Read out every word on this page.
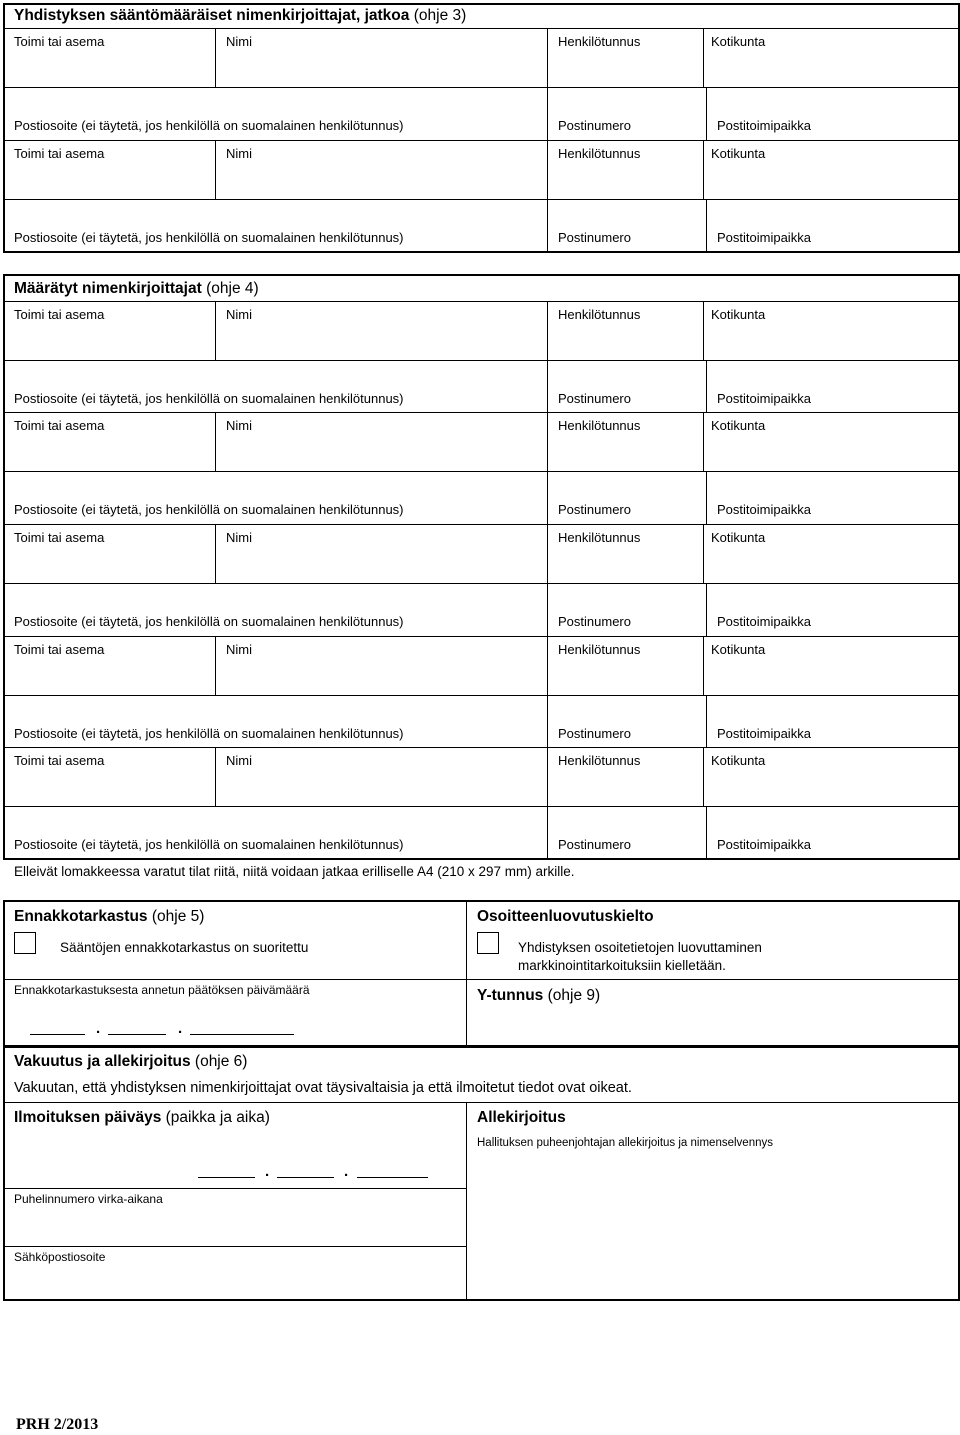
Yhdistyksen sääntömääräiset nimenkirjoittajat, jatkoa (ohje 3)
Toimi tai asema	Nimi	Henkilötunnus	Kotikunta
Postiosoite (ei täytetä, jos henkilöllä on suomalainen henkilötunnus)	Postinumero	Postitoimipaikka
Toimi tai asema	Nimi	Henkilötunnus	Kotikunta
Postiosoite (ei täytetä, jos henkilöllä on suomalainen henkilötunnus)	Postinumero	Postitoimipaikka
Määrätyt nimenkirjoittajat (ohje 4)
Toimi tai asema	Nimi	Henkilötunnus	Kotikunta
Postiosoite (ei täytetä, jos henkilöllä on suomalainen henkilötunnus)	Postinumero	Postitoimipaikka
Toimi tai asema	Nimi	Henkilötunnus	Kotikunta
Postiosoite (ei täytetä, jos henkilöllä on suomalainen henkilötunnus)	Postinumero	Postitoimipaikka
Toimi tai asema	Nimi	Henkilötunnus	Kotikunta
Postiosoite (ei täytetä, jos henkilöllä on suomalainen henkilötunnus)	Postinumero	Postitoimipaikka
Toimi tai asema	Nimi	Henkilötunnus	Kotikunta
Postiosoite (ei täytetä, jos henkilöllä on suomalainen henkilötunnus)	Postinumero	Postitoimipaikka
Toimi tai asema	Nimi	Henkilötunnus	Kotikunta
Postiosoite (ei täytetä, jos henkilöllä on suomalainen henkilötunnus)	Postinumero	Postitoimipaikka
Elleivät lomakkeessa varatut tilat riitä, niitä voidaan jatkaa erilliselle A4 (210 x 297 mm) arkille.
Ennakkotarkastus (ohje 5)
Sääntöjen ennakkotarkastus on suoritettu
Ennakkotarkastuksesta annetun päätöksen päivämäärä
.	.
Osoitteenluovutuskielto
Yhdistyksen osoitetietojen luovuttaminen
markkinointitarkoituksiin kielletään.
Y-tunnus (ohje 9)
Vakuutus ja allekirjoitus (ohje 6)
Vakuutan, että yhdistyksen nimenkirjoittajat ovat täysivaltaisia ja että ilmoitetut tiedot ovat oikeat.
Ilmoituksen päiväys (paikka ja aika)	Allekirjoitus
Hallituksen puheenjohtajan allekirjoitus ja nimenselvennys
.	.
Puhelinnumero virka-aikana
Sähköpostiosoite
PRH 2/2013
